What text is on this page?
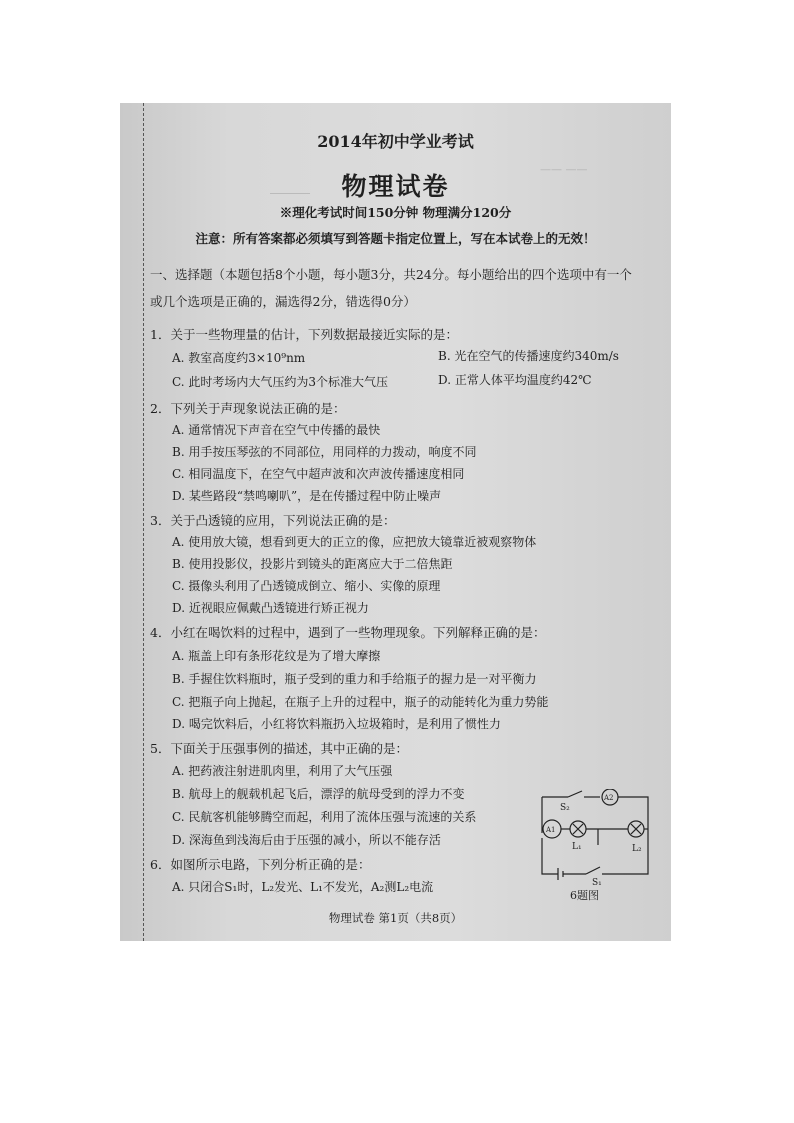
—— ——
2014年初中学业考试
物理试卷
※理化考试时间150分钟 物理满分120分
注意：所有答案都必须填写到答题卡指定位置上，写在本试卷上的无效！
一、选择题（本题包括8个小题，每小题3分，共24分。每小题给出的四个选项中有一个
或几个选项是正确的，漏选得2分，错选得0分）
1．关于一些物理量的估计，下列数据最接近实际的是：
A. 教室高度约3×10⁹nm	B. 光在空气的传播速度约340m/s
C. 此时考场内大气压约为3个标准大气压	D. 正常人体平均温度约42℃
2．下列关于声现象说法正确的是：
A. 通常情况下声音在空气中传播的最快
B. 用手按压琴弦的不同部位，用同样的力拨动，响度不同
C. 相同温度下，在空气中超声波和次声波传播速度相同
D. 某些路段“禁鸣喇叭”，是在传播过程中防止噪声
3．关于凸透镜的应用，下列说法正确的是：
A. 使用放大镜，想看到更大的正立的像，应把放大镜靠近被观察物体
B. 使用投影仪，投影片到镜头的距离应大于二倍焦距
C. 摄像头利用了凸透镜成倒立、缩小、实像的原理
D. 近视眼应佩戴凸透镜进行矫正视力
4．小红在喝饮料的过程中，遇到了一些物理现象。下列解释正确的是：
A. 瓶盖上印有条形花纹是为了增大摩擦
B. 手握住饮料瓶时，瓶子受到的重力和手给瓶子的握力是一对平衡力
C. 把瓶子向上抛起，在瓶子上升的过程中，瓶子的动能转化为重力势能
D. 喝完饮料后，小红将饮料瓶扔入垃圾箱时，是利用了惯性力
5．下面关于压强事例的描述，其中正确的是：
A. 把药液注射进肌肉里，利用了大气压强
B. 航母上的舰载机起飞后，漂浮的航母受到的浮力不变
C. 民航客机能够腾空而起，利用了流体压强与流速的关系
D. 深海鱼到浅海后由于压强的减小，所以不能存活
6．如图所示电路，下列分析正确的是：
A. 只闭合S₁时，L₂发光、L₁不发光，A₂测L₂电流
S₂
A2
A1
L₁	L₂
S₁
6题图
物理试卷 第1页（共8页）
